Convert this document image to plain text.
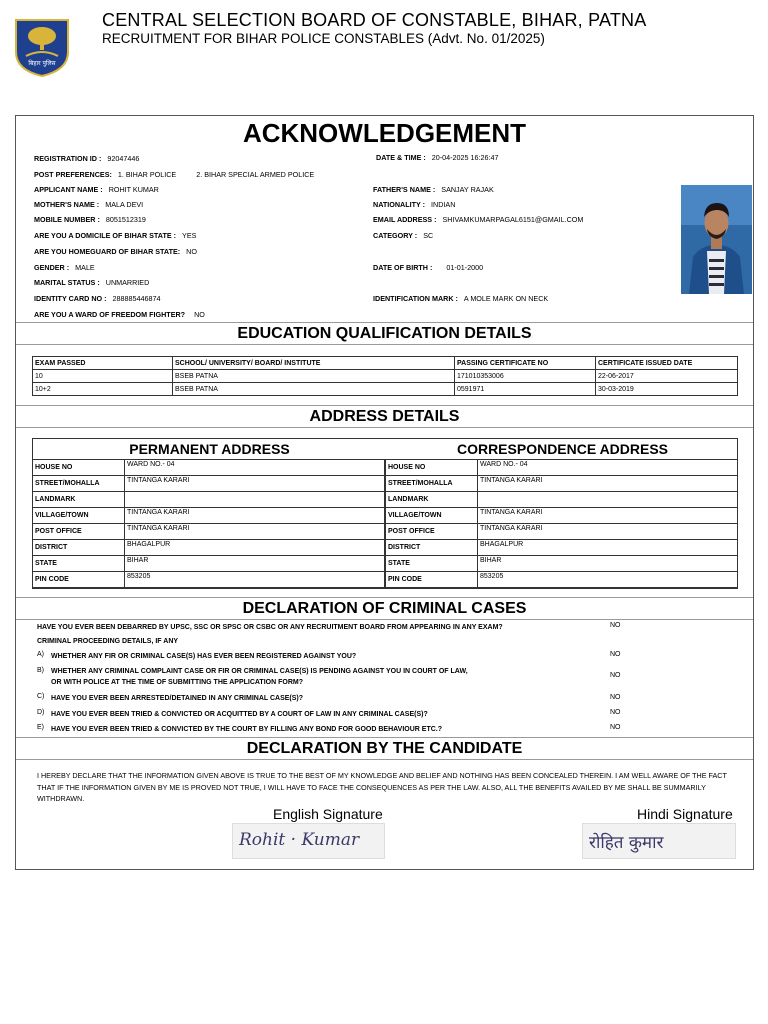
बिहार पुलिस
CENTRAL SELECTION BOARD OF CONSTABLE, BIHAR, PATNA
RECRUITMENT FOR BIHAR POLICE CONSTABLES (Advt. No. 01/2025)
ACKNOWLEDGEMENT
REGISTRATION ID : 92047446	DATE & TIME : 20-04-2025 16:26:47
POST PREFERENCES: 1. BIHAR POLICE	2. BIHAR SPECIAL ARMED POLICE
APPLICANT NAME : ROHIT KUMAR	FATHER'S NAME : SANJAY RAJAK
MOTHER'S NAME : MALA DEVI	NATIONALITY : INDIAN
MOBILE NUMBER : 8051512319	EMAIL ADDRESS : SHIVAMKUMARPAGAL6151@GMAIL.COM
ARE YOU A DOMICILE OF BIHAR STATE : YES	CATEGORY : SC
ARE YOU HOMEGUARD OF BIHAR STATE: NO
GENDER : MALE	DATE OF BIRTH : 01-01-2000
MARITAL STATUS : UNMARRIED
IDENTITY CARD NO : 288885446874	IDENTIFICATION MARK : A MOLE MARK ON NECK
ARE YOU A WARD OF FREEDOM FIGHTER? NO
EDUCATION QUALIFICATION DETAILS
EXAM PASSED	SCHOOL/ UNIVERSITY/ BOARD/ INSTITUTE	PASSING CERTIFICATE NO	CERTIFICATE ISSUED DATE
10	BSEB PATNA	171010353006	22-06-2017
10+2	BSEB PATNA	0591971	30-03-2019
ADDRESS DETAILS
PERMANENT ADDRESS	CORRESPONDENCE ADDRESS
HOUSE NO	WARD NO.- 04
STREET/MOHALLA	TINTANGA KARARI
LANDMARK	
VILLAGE/TOWN	TINTANGA KARARI
POST OFFICE	TINTANGA KARARI
DISTRICT	BHAGALPUR
STATE	BIHAR
PIN CODE	853205
HOUSE NO	WARD NO.- 04
STREET/MOHALLA	TINTANGA KARARI
LANDMARK	
VILLAGE/TOWN	TINTANGA KARARI
POST OFFICE	TINTANGA KARARI
DISTRICT	BHAGALPUR
STATE	BIHAR
PIN CODE	853205
DECLARATION OF CRIMINAL CASES
HAVE YOU EVER BEEN DEBARRED BY UPSC, SSC OR SPSC OR CSBC OR ANY RECRUITMENT BOARD FROM APPEARING IN ANY EXAM?	NO
CRIMINAL PROCEEDING DETAILS, IF ANY
A) WHETHER ANY FIR OR CRIMINAL CASE(S) HAS EVER BEEN REGISTERED AGAINST YOU?	NO
B) WHETHER ANY CRIMINAL COMPLAINT CASE OR FIR OR CRIMINAL CASE(S) IS PENDING AGAINST YOU IN COURT OF LAW,
OR WITH POLICE AT THE TIME OF SUBMITTING THE APPLICATION FORM?
NO
C) HAVE YOU EVER BEEN ARRESTED/DETAINED IN ANY CRIMINAL CASE(S)?	NO
D) HAVE YOU EVER BEEN TRIED & CONVICTED OR ACQUITTED BY A COURT OF LAW IN ANY CRIMINAL CASE(S)?	NO
E) HAVE YOU EVER BEEN TRIED & CONVICTED BY THE COURT BY FILLING ANY BOND FOR GOOD BEHAVIOUR ETC.?	NO
DECLARATION BY THE CANDIDATE
I HEREBY DECLARE THAT THE INFORMATION GIVEN ABOVE IS TRUE TO THE BEST OF MY KNOWLEDGE AND BELIEF AND NOTHING HAS BEEN CONCEALED THEREIN. I AM WELL AWARE OF THE FACT THAT IF THE INFORMATION GIVEN BY ME IS PROVED NOT TRUE, I WILL HAVE TO FACE THE CONSEQUENCES AS PER THE LAW. ALSO, ALL THE BENEFITS AVAILED BY ME SHALL BE SUMMARILY WITHDRAWN.
English Signature	Hindi Signature
Rohit · Kumar	रोहित कुमार
